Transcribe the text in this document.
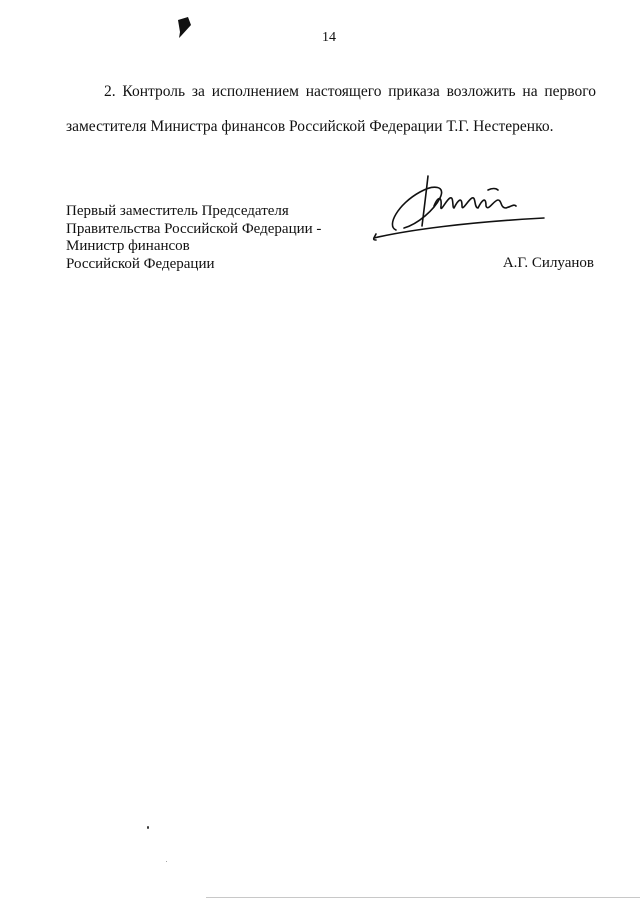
14

2. Контроль за исполнением настоящего приказа возложить на первого заместителя Министра финансов Российской Федерации Т.Г. Нестеренко.

Первый заместитель Председателя
Правительства Российской Федерации -
Министр финансов
Российской Федерации	А.Г. Силуанов
